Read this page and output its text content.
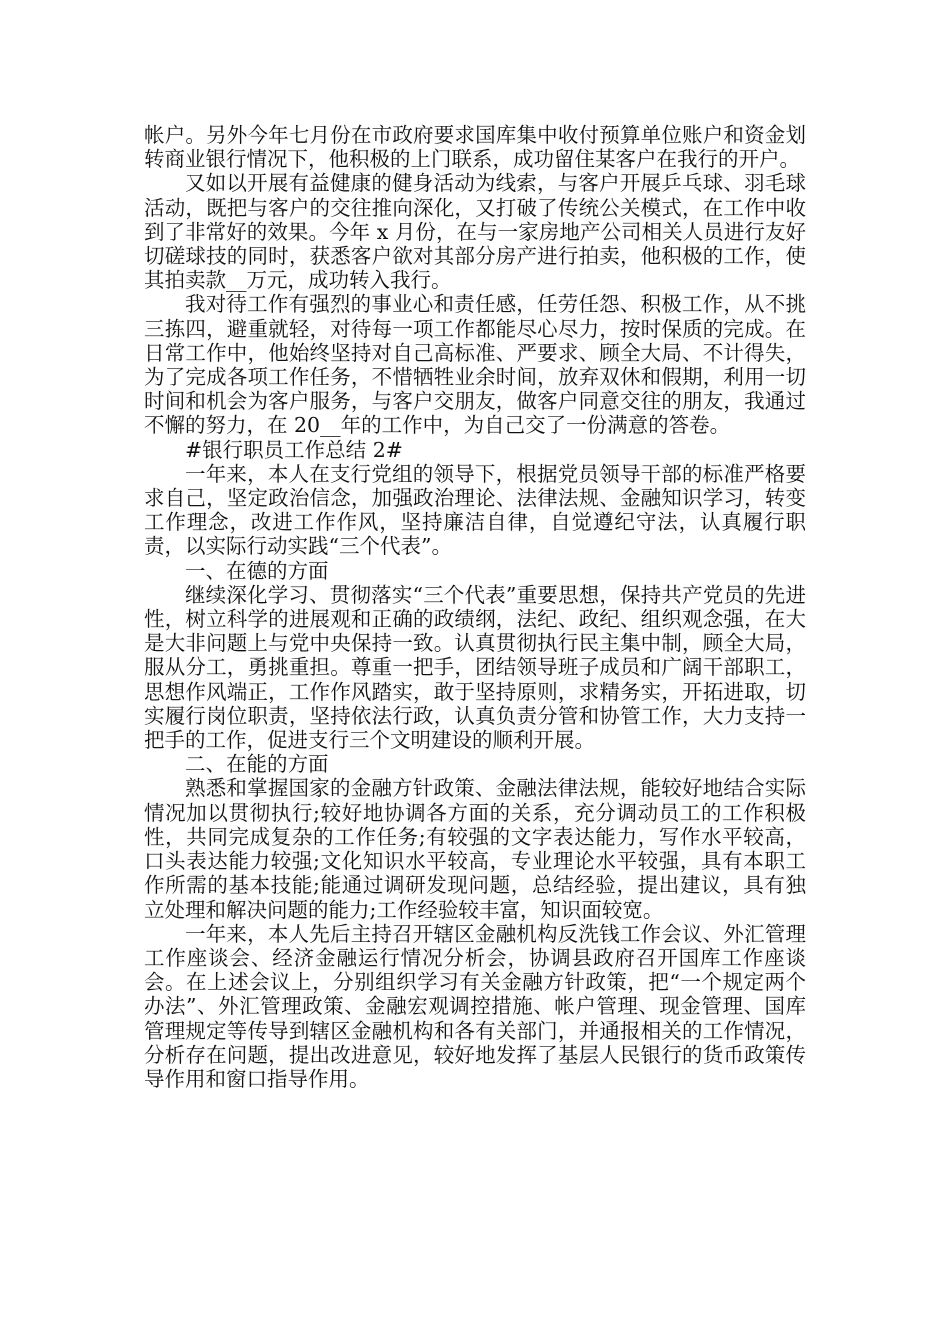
帐户。另外今年七月份在市政府要求国库集中收付预算单位账户和资金划转商业银行情况下，他积极的上门联系，成功留住某客户在我行的开户。

又如以开展有益健康的健身活动为线索，与客户开展乒乓球、羽毛球活动，既把与客户的交往推向深化，又打破了传统公关模式，在工作中收到了非常好的效果。今年 x 月份，在与一家房地产公司相关人员进行友好切磋球技的同时，获悉客户欲对其部分房产进行拍卖，他积极的工作，使其拍卖款__万元，成功转入我行。

我对待工作有强烈的事业心和责任感，任劳任怨、积极工作，从不挑三拣四，避重就轻，对待每一项工作都能尽心尽力，按时保质的完成。在日常工作中，他始终坚持对自己高标准、严要求、顾全大局、不计得失，为了完成各项工作任务，不惜牺牲业余时间，放弃双休和假期，利用一切时间和机会为客户服务，与客户交朋友，做客户同意交往的朋友，我通过不懈的努力，在 20__年的工作中，为自己交了一份满意的答卷。

#银行职员工作总结 2#

一年来，本人在支行党组的领导下，根据党员领导干部的标准严格要求自己，坚定政治信念，加强政治理论、法律法规、金融知识学习，转变工作理念，改进工作作风，坚持廉洁自律，自觉遵纪守法，认真履行职责，以实际行动实践“三个代表”。

一、在德的方面

继续深化学习、贯彻落实“三个代表”重要思想，保持共产党员的先进性，树立科学的进展观和正确的政绩纲，法纪、政纪、组织观念强，在大是大非问题上与党中央保持一致。认真贯彻执行民主集中制，顾全大局，服从分工，勇挑重担。尊重一把手，团结领导班子成员和广阔干部职工，思想作风端正，工作作风踏实，敢于坚持原则，求精务实，开拓进取，切实履行岗位职责，坚持依法行政，认真负责分管和协管工作，大力支持一把手的工作，促进支行三个文明建设的顺利开展。

二、在能的方面

熟悉和掌握国家的金融方针政策、金融法律法规，能较好地结合实际情况加以贯彻执行;较好地协调各方面的关系，充分调动员工的工作积极性，共同完成复杂的工作任务;有较强的文字表达能力，写作水平较高，口头表达能力较强;文化知识水平较高，专业理论水平较强，具有本职工作所需的基本技能;能通过调研发现问题，总结经验，提出建议，具有独立处理和解决问题的能力;工作经验较丰富，知识面较宽。

一年来，本人先后主持召开辖区金融机构反洗钱工作会议、外汇管理工作座谈会、经济金融运行情况分析会，协调县政府召开国库工作座谈会。在上述会议上，分别组织学习有关金融方针政策，把“一个规定两个办法”、外汇管理政策、金融宏观调控措施、帐户管理、现金管理、国库管理规定等传导到辖区金融机构和各有关部门，并通报相关的工作情况，分析存在问题，提出改进意见，较好地发挥了基层人民银行的货币政策传导作用和窗口指导作用。
